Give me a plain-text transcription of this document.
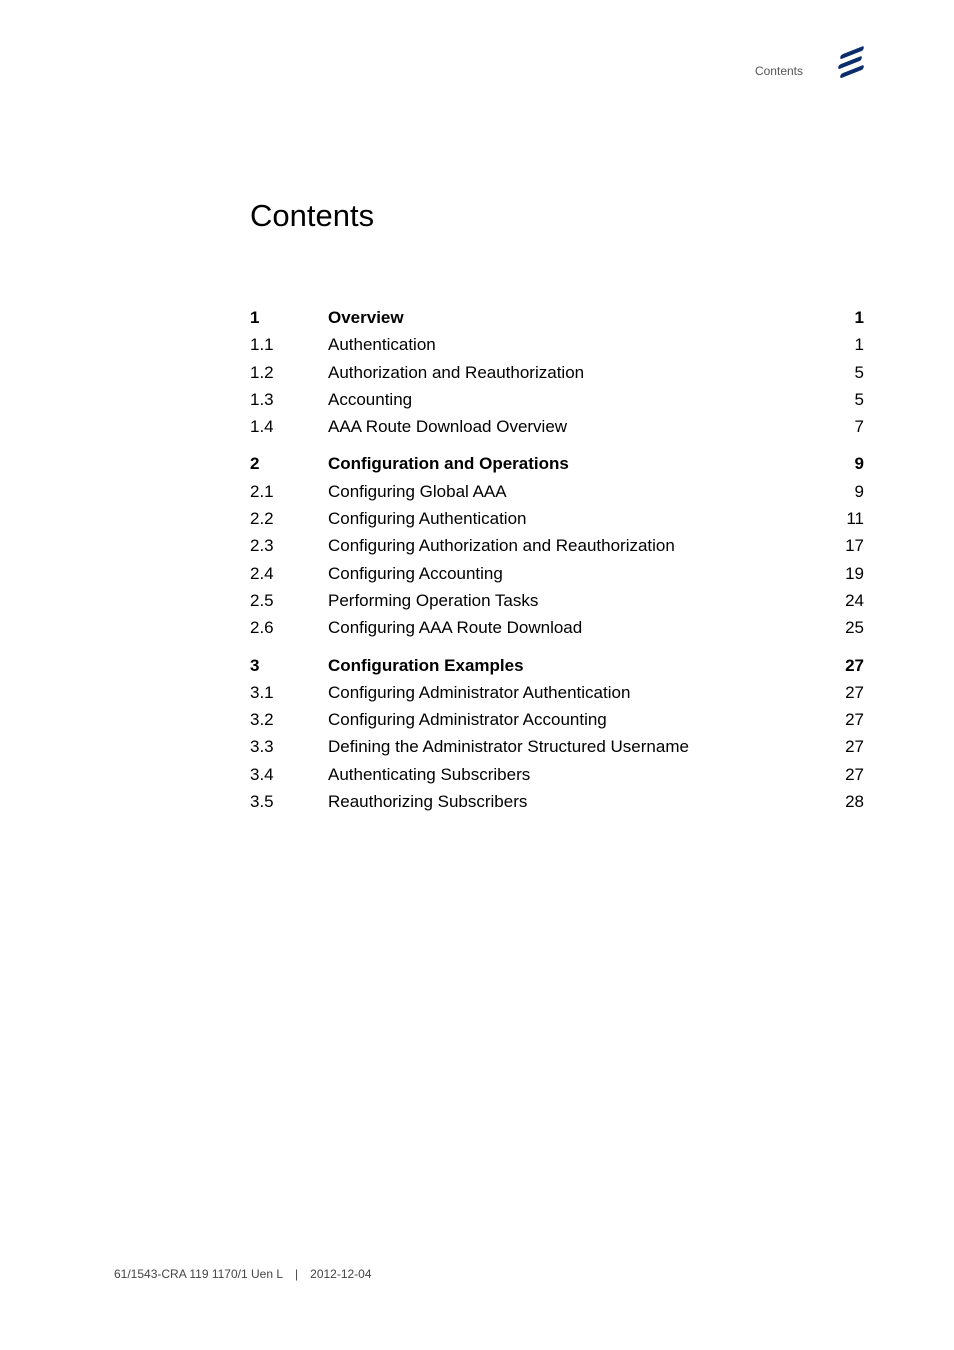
Contents
Contents
1	Overview	1
1.1	Authentication	1
1.2	Authorization and Reauthorization	5
1.3	Accounting	5
1.4	AAA Route Download Overview	7
2	Configuration and Operations	9
2.1	Configuring Global AAA	9
2.2	Configuring Authentication	11
2.3	Configuring Authorization and Reauthorization	17
2.4	Configuring Accounting	19
2.5	Performing Operation Tasks	24
2.6	Configuring AAA Route Download	25
3	Configuration Examples	27
3.1	Configuring Administrator Authentication	27
3.2	Configuring Administrator Accounting	27
3.3	Defining the Administrator Structured Username	27
3.4	Authenticating Subscribers	27
3.5	Reauthorizing Subscribers	28
61/1543-CRA 119 1170/1 Uen L | 2012-12-04
